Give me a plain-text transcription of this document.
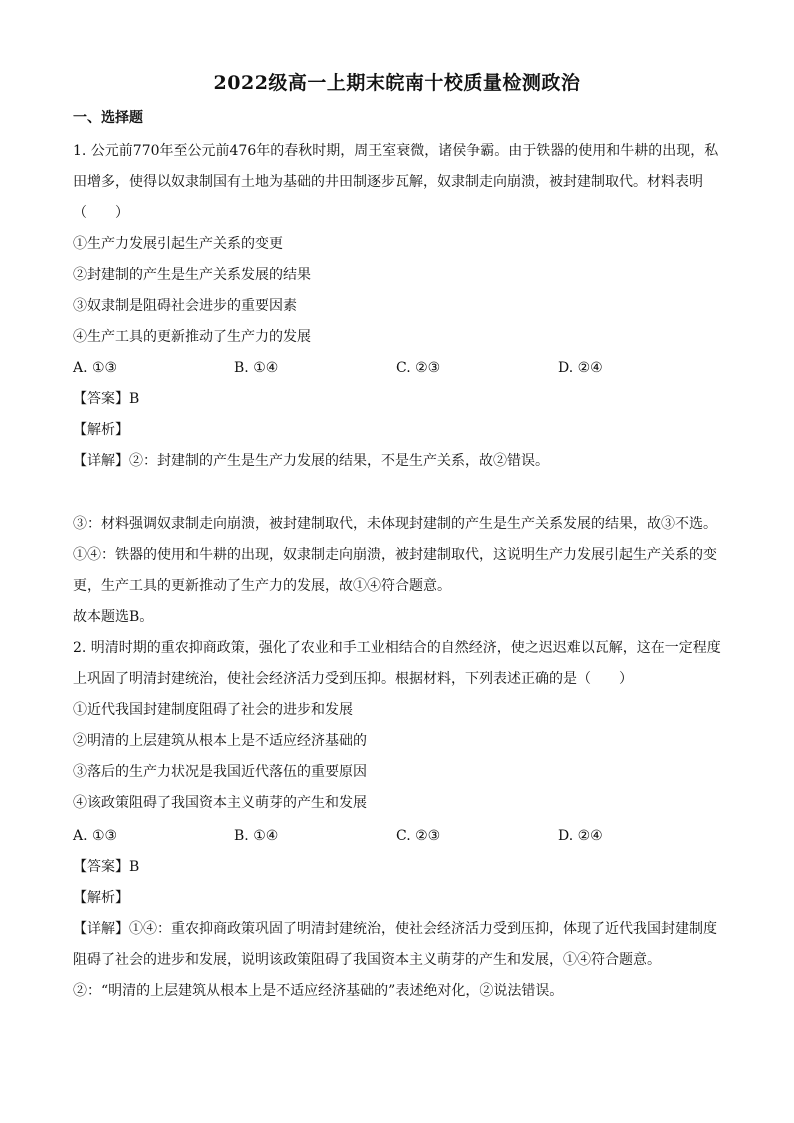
2022级高一上期末皖南十校质量检测政治
一、选择题
1. 公元前770年至公元前476年的春秋时期，周王室衰微，诸侯争霸。由于铁器的使用和牛耕的出现，私
田增多，使得以奴隶制国有土地为基础的井田制逐步瓦解，奴隶制走向崩溃，被封建制取代。材料表明
（　　）
①生产力发展引起生产关系的变更
②封建制的产生是生产关系发展的结果
③奴隶制是阻碍社会进步的重要因素
④生产工具的更新推动了生产力的发展
A. ①③	B. ①④	C. ②③	D. ②④
【答案】B
【解析】
【详解】②：封建制的产生是生产力发展的结果，不是生产关系，故②错误。
③：材料强调奴隶制走向崩溃，被封建制取代，未体现封建制的产生是生产关系发展的结果，故③不选。
①④：铁器的使用和牛耕的出现，奴隶制走向崩溃，被封建制取代，这说明生产力发展引起生产关系的变
更，生产工具的更新推动了生产力的发展，故①④符合题意。
故本题选B。
2. 明清时期的重农抑商政策，强化了农业和手工业相结合的自然经济，使之迟迟难以瓦解，这在一定程度
上巩固了明清封建统治，使社会经济活力受到压抑。根据材料，下列表述正确的是（　　）
①近代我国封建制度阻碍了社会的进步和发展
②明清的上层建筑从根本上是不适应经济基础的
③落后的生产力状况是我国近代落伍的重要原因
④该政策阻碍了我国资本主义萌芽的产生和发展
A. ①③	B. ①④	C. ②③	D. ②④
【答案】B
【解析】
【详解】①④：重农抑商政策巩固了明清封建统治，使社会经济活力受到压抑，体现了近代我国封建制度
阻碍了社会的进步和发展，说明该政策阻碍了我国资本主义萌芽的产生和发展，①④符合题意。
②：“明清的上层建筑从根本上是不适应经济基础的”表述绝对化，②说法错误。
